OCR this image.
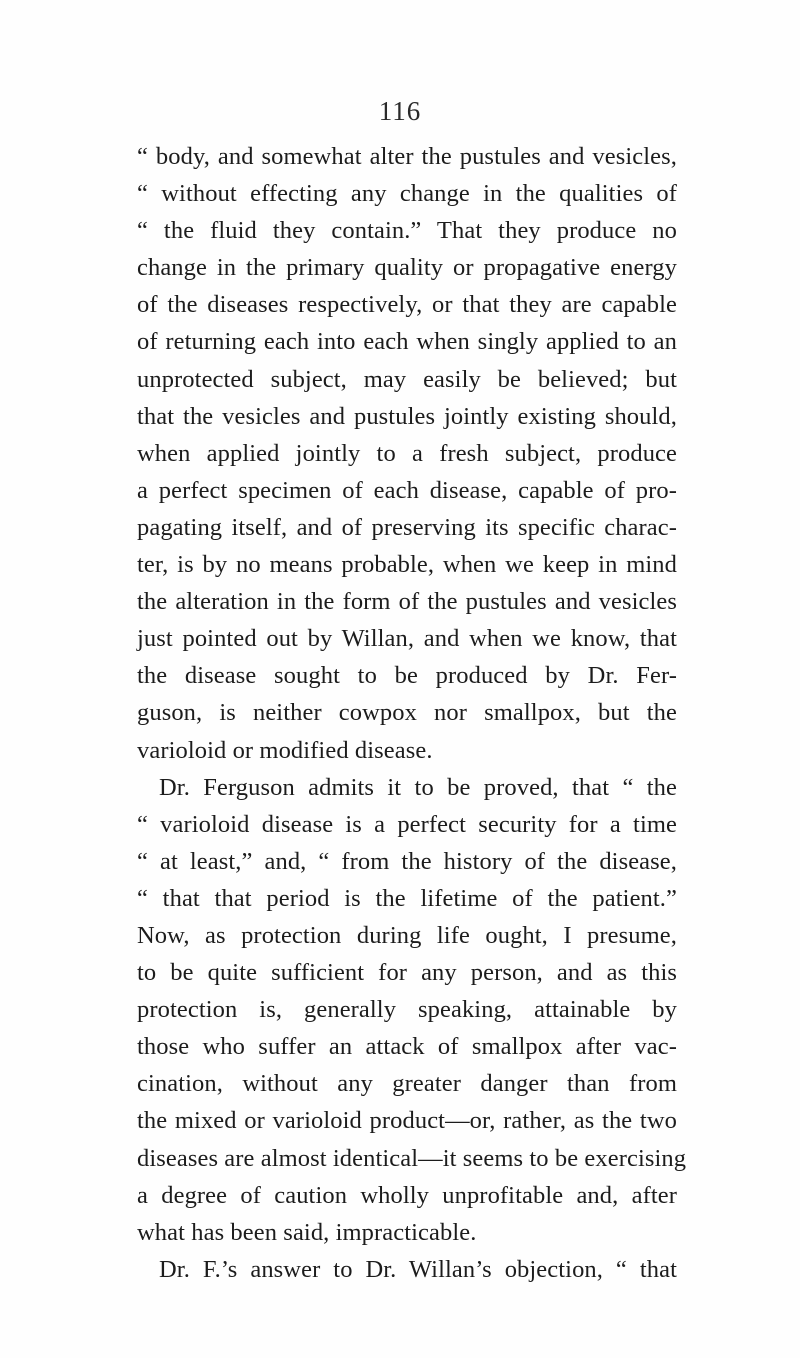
116
“ body, and somewhat alter the pustules and vesicles,
“ without effecting any change in the qualities of
“ the fluid they contain.” That they produce no
change in the primary quality or propagative energy
of the diseases respectively, or that they are capable
of returning each into each when singly applied to an
unprotected subject, may easily be believed; but
that the vesicles and pustules jointly existing should,
when applied jointly to a fresh subject, produce
a perfect specimen of each disease, capable of pro-
pagating itself, and of preserving its specific charac-
ter, is by no means probable, when we keep in mind
the alteration in the form of the pustules and vesicles
just pointed out by Willan, and when we know, that
the disease sought to be produced by Dr. Fer-
guson, is neither cowpox nor smallpox, but the
varioloid or modified disease.
Dr. Ferguson admits it to be proved, that “ the
“ varioloid disease is a perfect security for a time
“ at least,” and, “ from the history of the disease,
“ that that period is the lifetime of the patient.”
Now, as protection during life ought, I presume,
to be quite sufficient for any person, and as this
protection is, generally speaking, attainable by
those who suffer an attack of smallpox after vac-
cination, without any greater danger than from
the mixed or varioloid product—or, rather, as the two
diseases are almost identical—it seems to be exercising
a degree of caution wholly unprofitable and, after
what has been said, impracticable.
Dr. F.’s answer to Dr. Willan’s objection, “ that
